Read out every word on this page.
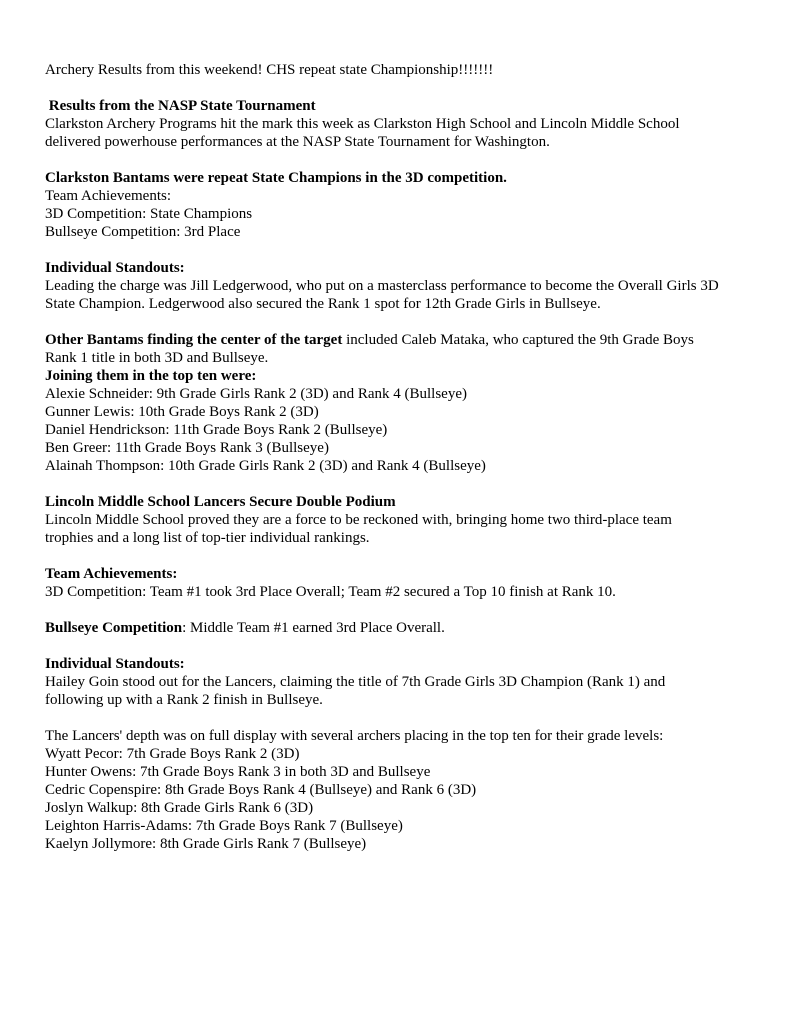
Archery Results from this weekend! CHS repeat state Championship!!!!!!!
Results from the NASP State Tournament
Clarkston Archery Programs hit the mark this week as Clarkston High School and Lincoln Middle School
delivered powerhouse performances at the NASP State Tournament for Washington.
Clarkston Bantams were repeat State Champions in the 3D competition.
Team Achievements:
3D Competition: State Champions
Bullseye Competition: 3rd Place
Individual Standouts:
Leading the charge was Jill Ledgerwood, who put on a masterclass performance to become the Overall Girls 3D
State Champion. Ledgerwood also secured the Rank 1 spot for 12th Grade Girls in Bullseye.
Other Bantams finding the center of the target included Caleb Mataka, who captured the 9th Grade Boys
Rank 1 title in both 3D and Bullseye.
Joining them in the top ten were:
Alexie Schneider: 9th Grade Girls Rank 2 (3D) and Rank 4 (Bullseye)
Gunner Lewis: 10th Grade Boys Rank 2 (3D)
Daniel Hendrickson: 11th Grade Boys Rank 2 (Bullseye)
Ben Greer: 11th Grade Boys Rank 3 (Bullseye)
Alainah Thompson: 10th Grade Girls Rank 2 (3D) and Rank 4 (Bullseye)
Lincoln Middle School Lancers Secure Double Podium
Lincoln Middle School proved they are a force to be reckoned with, bringing home two third-place team
trophies and a long list of top-tier individual rankings.
Team Achievements:
3D Competition: Team #1 took 3rd Place Overall; Team #2 secured a Top 10 finish at Rank 10.
Bullseye Competition: Middle Team #1 earned 3rd Place Overall.
Individual Standouts:
Hailey Goin stood out for the Lancers, claiming the title of 7th Grade Girls 3D Champion (Rank 1) and
following up with a Rank 2 finish in Bullseye.
The Lancers' depth was on full display with several archers placing in the top ten for their grade levels:
Wyatt Pecor: 7th Grade Boys Rank 2 (3D)
Hunter Owens: 7th Grade Boys Rank 3 in both 3D and Bullseye
Cedric Copenspire: 8th Grade Boys Rank 4 (Bullseye) and Rank 6 (3D)
Joslyn Walkup: 8th Grade Girls Rank 6 (3D)
Leighton Harris-Adams: 7th Grade Boys Rank 7 (Bullseye)
Kaelyn Jollymore: 8th Grade Girls Rank 7 (Bullseye)
